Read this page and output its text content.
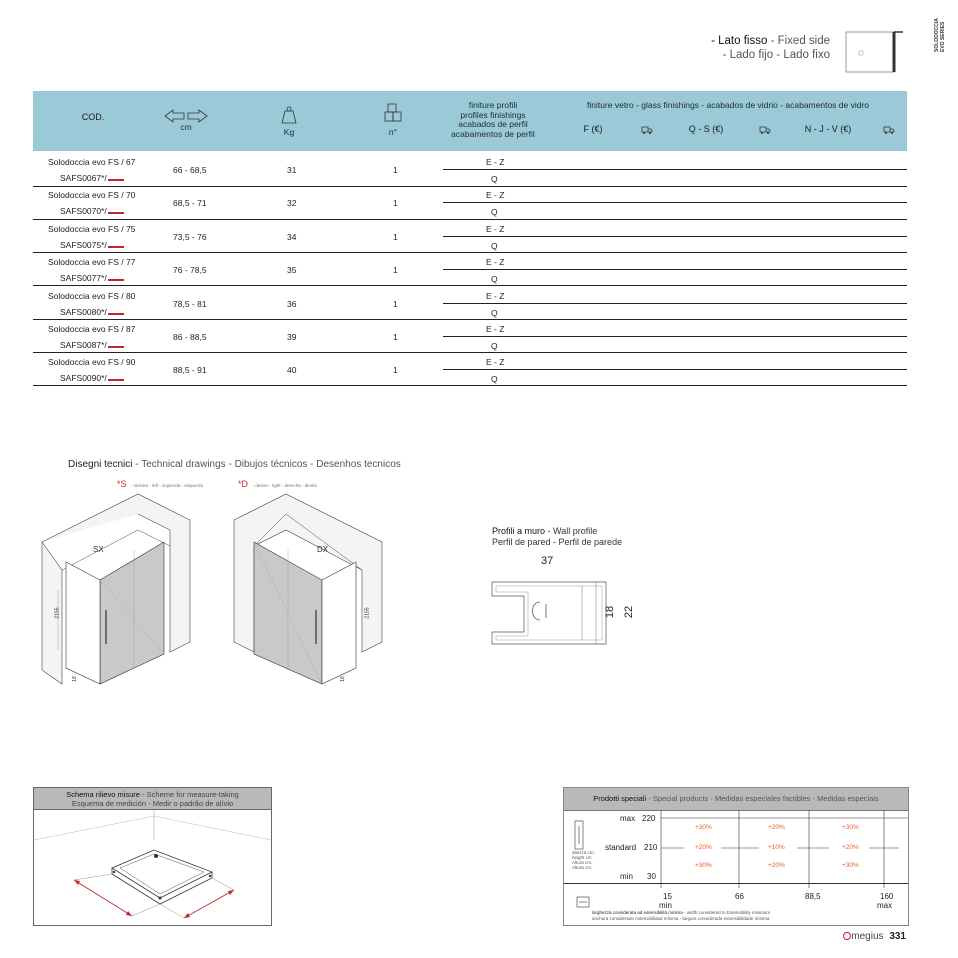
- Lato fisso - Fixed side
- Lado fijo - Lado fixo
SOLODOCCIA
EVO SERIES
COD.
cm	Kg	n°
finiture profili
profiles finishings
acabados de perfil
acabamentos de perfil
finiture vetro - glass finishings - acabados de vidrio - acabamentos de vidro
F (€)	Q - S (€)	N - J - V (€)
Solodoccia evo FS / 67
SAFS0067*/
66 - 68,5	31	1
E - Z
Q
Solodoccia evo FS / 70
SAFS0070*/
68,5 - 71	32	1
E - Z
Q
Solodoccia evo FS / 75
SAFS0075*/
73,5 - 76	34	1
E - Z
Q
Solodoccia evo FS / 77
SAFS0077*/
76 - 78,5	35	1
E - Z
Q
Solodoccia evo FS / 80
SAFS0080*/
78,5 - 81	36	1
E - Z
Q
Solodoccia evo FS / 87
SAFS0087*/
86 - 88,5	39	1
E - Z
Q
Solodoccia evo FS / 90
SAFS0090*/
88,5 - 91	40	1
E - Z
Q
Disegni tecnici - Technical drawings - Dibujos técnicos - Desenhos tecnicos
*S - sinistra - left - izquierda - esquerda	*D - destra - right - derecha - direito
2155
18
SX
2155
18
DX
Profili a muro - Wall profile
Perfil de pared - Perfil de parede
37
18 22
Schema rilievo misure - Scheme for measure-taking
Esquema de medición - Medir o padrão de alívio
Prodotti speciali - Special products - Medidas especiales factibles - Medidas especiais
altezza cm.
height cm.
Altura cm.
Altura cm.
max 220
standard 210
min 30
+30%	+20%	+30%
+20%	+10%	+20%
+30%	+20%	+30%
15
min
66	88,5	160
max
larghezza considerata ad estensibilità minima - width considered to Extensibility minimum
anchura considerado extensibilidad mínima - largura considerada extensibilidade mínima
megius 331
